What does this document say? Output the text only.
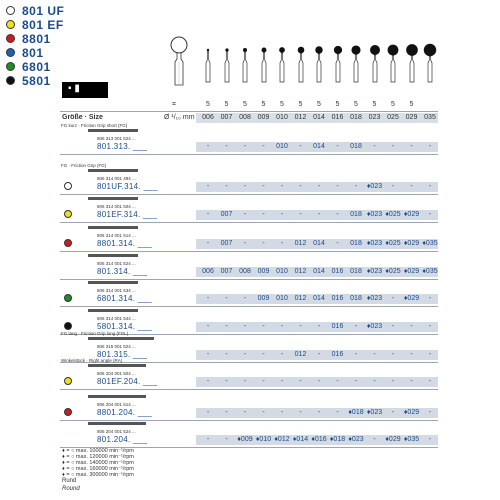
801 UF
801 EF
8801
801
6801
5801
▪ ▮
⌗	5	5	5	5	5	5	5	5	5	5	5	5
Größe · Size	Ø ¹/₁₀ mm	006 007 008 009 010 012 014 016 018 023 025 029 035
FG kurz · Friction Grip short (FG)
806 313 001 524 ...
801.313. ___	-	-	-	-	010	-	014	-	018	-	-	-	-
FG · Friction Grip (FG)
806 314 001 494 ...
801UF.314. ___	-	-	-	-	-	-	-	-	-	♦023	-	-	-
806 314 001 504 ...
801EF.314. ___	-	007	-	-	-	-	-	-	018 ♦023 ♦025 ♦029	-
806 314 001 514 ...
8801.314. ___	-	007	-	-	-	012 014	-	018 ♦023 ♦025 ♦029 ♦035
806 314 001 524 ...
801.314. ___	006 007 008 009 010 012 014 016 018 ♦023 ♦025 ♦029 ♦035
806 314 001 534 ...
6801.314. ___	-	-	-	009 010 012 014 016 018 ♦023	-	♦029	-
806 314 001 544 ...
5801.314. ___	-	-	-	-	-	-	-	016	-	♦023	-	-	-
FG lang · Friction Grip long (FGL)
806 315 001 524 ...
801.315. ___	-	-	-	-	-	012	-	016	-	-	-	-	-
Winkelstück · Right angle (RA)
806 204 001 504 ...
801EF.204. ___	-	-	-	-	-	-	-	-	-	-	-	-	-
806 204 001 514 ...
8801.204. ___	-	-	-	-	-	-	-	-	♦018 ♦023	-	♦029	-
806 204 001 524 ...
801.204. ___	-	-	♦009 ♦010 ♦012 ♦014 ♦016 ♦018 ♦023	-	♦029 ♦035	-
♦ = ○ max. 100000 min⁻¹/rpm
♦ = ○ max. 120000 min⁻¹/rpm
♦ = ○ max. 140000 min⁻¹/rpm
♦ = ○ max. 160000 min⁻¹/rpm
♦ = ○ max. 300000 min⁻¹/rpm
Rund
Round
